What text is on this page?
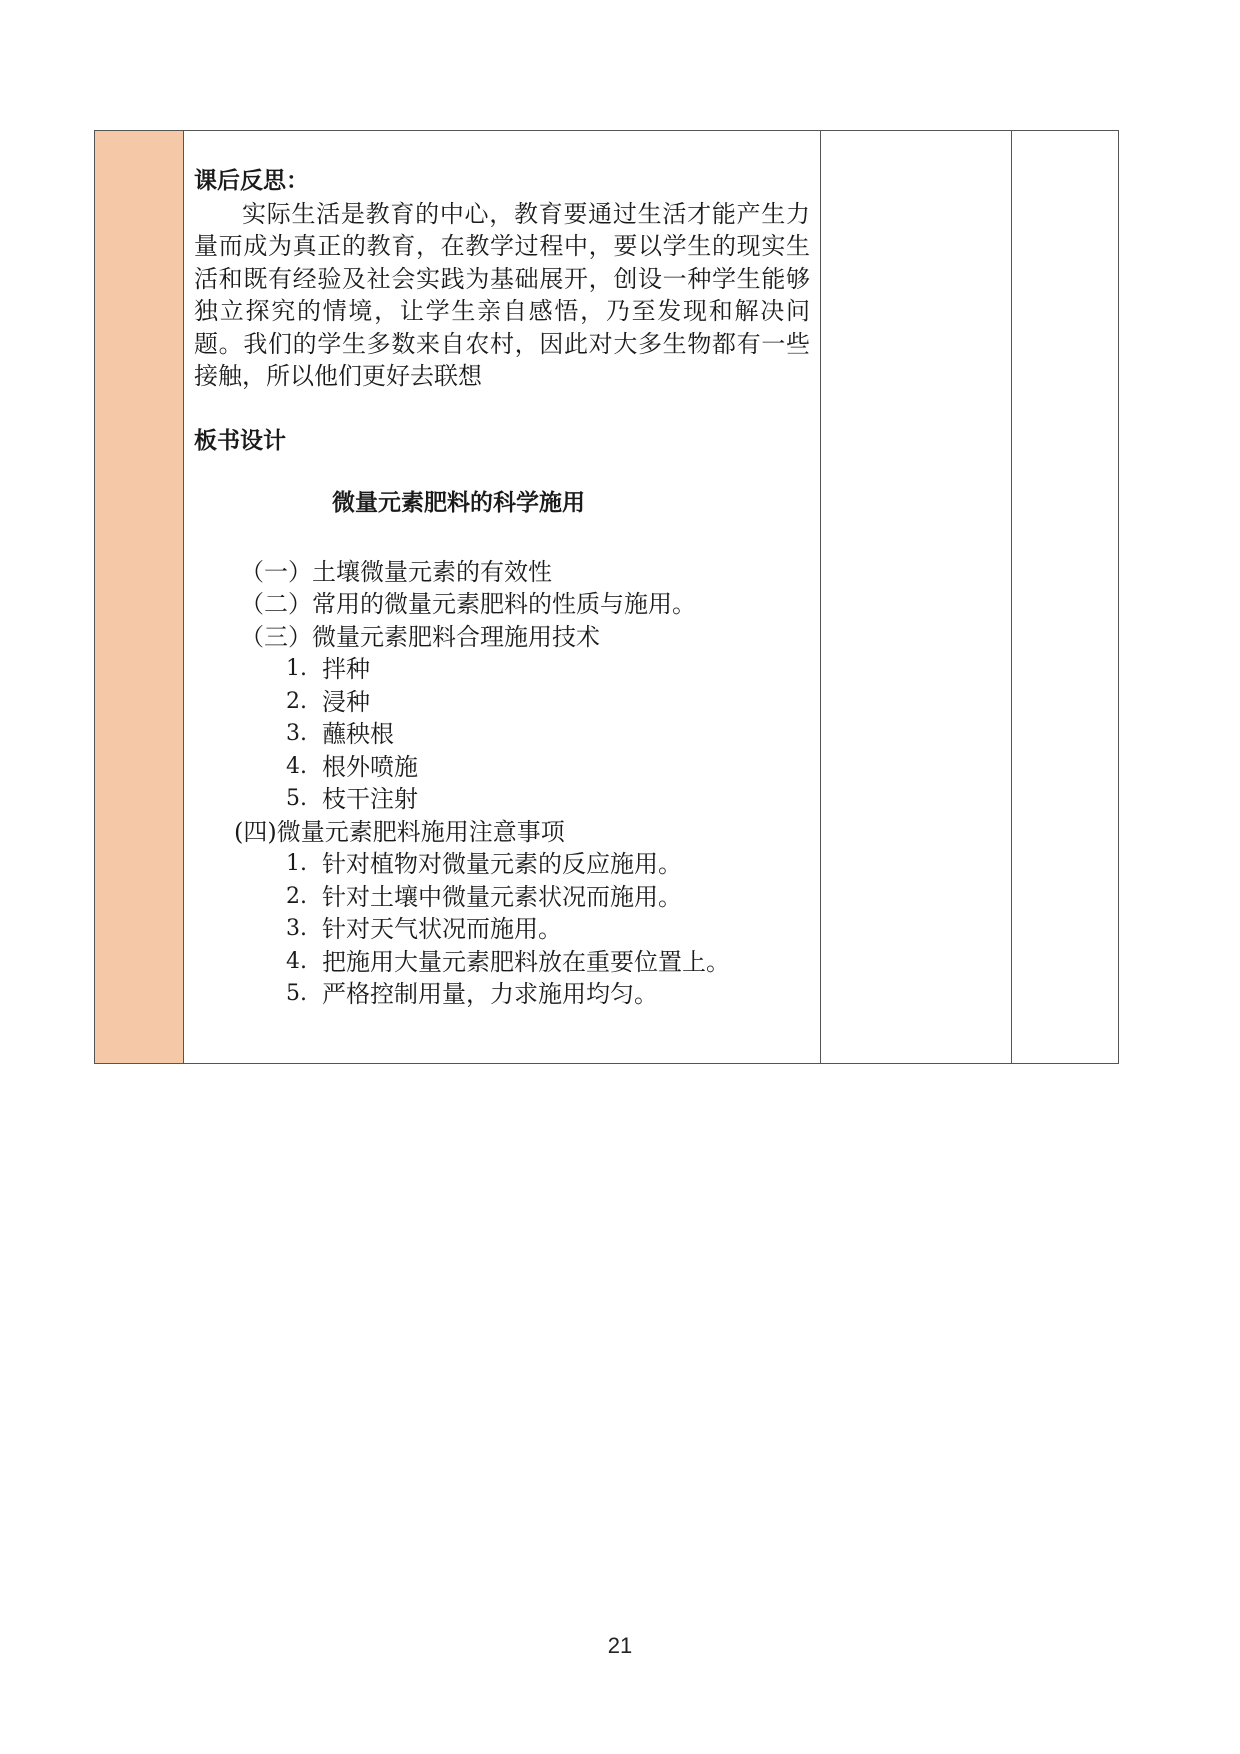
课后反思：

实际生活是教育的中心，教育要通过生活才能产生力量而成为真正的教育，在教学过程中，要以学生的现实生活和既有经验及社会实践为基础展开，创设一种学生能够独立探究的情境，让学生亲自感悟，乃至发现和解决问题。我们的学生多数来自农村，因此对大多生物都有一些接触，所以他们更好去联想

板书设计
微量元素肥料的科学施用
（一）土壤微量元素的有效性
（二）常用的微量元素肥料的性质与施用。
（三）微量元素肥料合理施用技术
1. 拌种
2. 浸种
3. 蘸秧根
4. 根外喷施
5. 枝干注射
(四)微量元素肥料施用注意事项
1. 针对植物对微量元素的反应施用。
2. 针对土壤中微量元素状况而施用。
3. 针对天气状况而施用。
4. 把施用大量元素肥料放在重要位置上。
5. 严格控制用量，力求施用均匀。

21
